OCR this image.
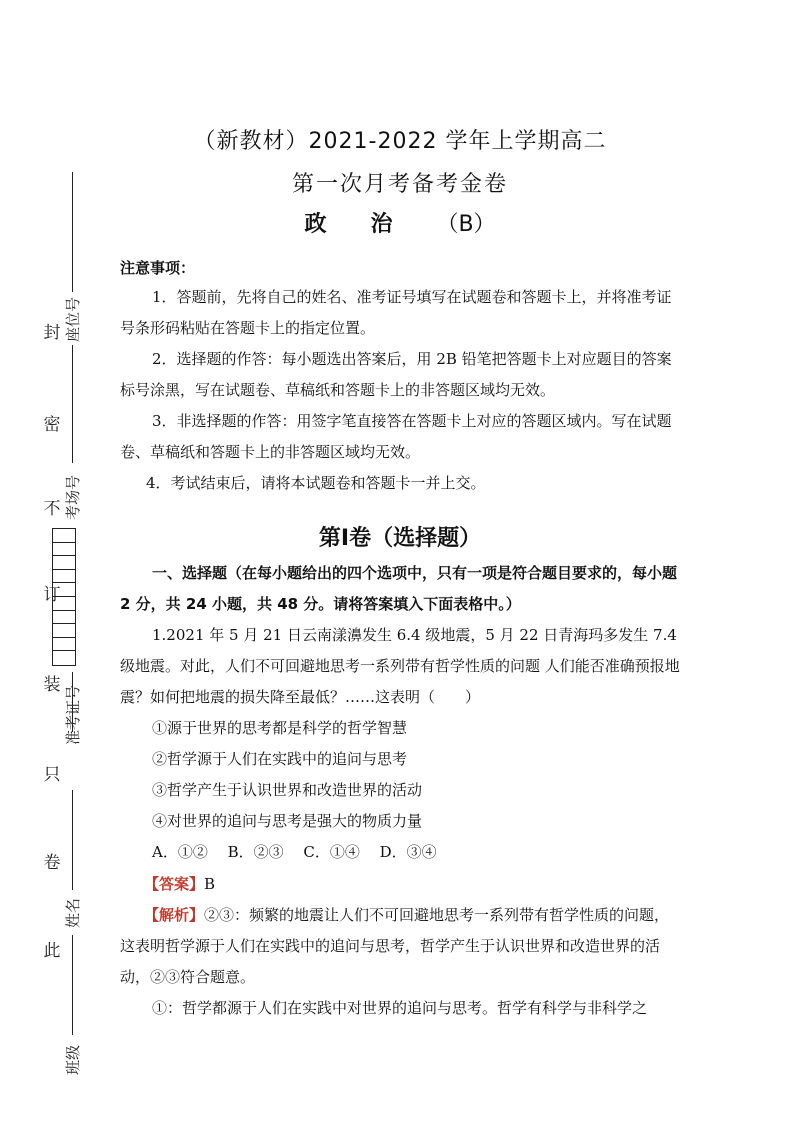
封
密
不
订
装
只
卷
此
座位号
考场号
准考证号
姓名
班级
（新教材）2021-2022 学年上学期高二
第一次月考备考金卷
政 治 （B）
注意事项：
1．答题前，先将自己的姓名、准考证号填写在试题卷和答题卡上，并将准考证号条形码粘贴在答题卡上的指定位置。
2．选择题的作答：每小题选出答案后，用 2B 铅笔把答题卡上对应题目的答案标号涂黑，写在试题卷、草稿纸和答题卡上的非答题区域均无效。
3．非选择题的作答：用签字笔直接答在答题卡上对应的答题区域内。写在试题卷、草稿纸和答题卡上的非答题区域均无效。
4．考试结束后，请将本试题卷和答题卡一并上交。
第Ⅰ卷（选择题）
一、选择题（在每小题给出的四个选项中，只有一项是符合题目要求的，每小题 2 分，共 24 小题，共 48 分。请将答案填入下面表格中。）
1.2021 年 5 月 21 日云南漾濞发生 6.4 级地震，5 月 22 日青海玛多发生 7.4 级地震。对此，人们不可回避地思考一系列带有哲学性质的问题 人们能否准确预报地震？如何把地震的损失降至最低？……这表明（　　）
①源于世界的思考都是科学的哲学智慧
②哲学源于人们在实践中的追问与思考
③哲学产生于认识世界和改造世界的活动
④对世界的追问与思考是强大的物质力量
A．①②　 B．②③　 C．①④　 D．③④
【答案】B
【解析】②③：频繁的地震让人们不可回避地思考一系列带有哲学性质的问题，这表明哲学源于人们在实践中的追问与思考，哲学产生于认识世界和改造世界的活动，②③符合题意。
①：哲学都源于人们在实践中对世界的追问与思考。哲学有科学与非科学之
